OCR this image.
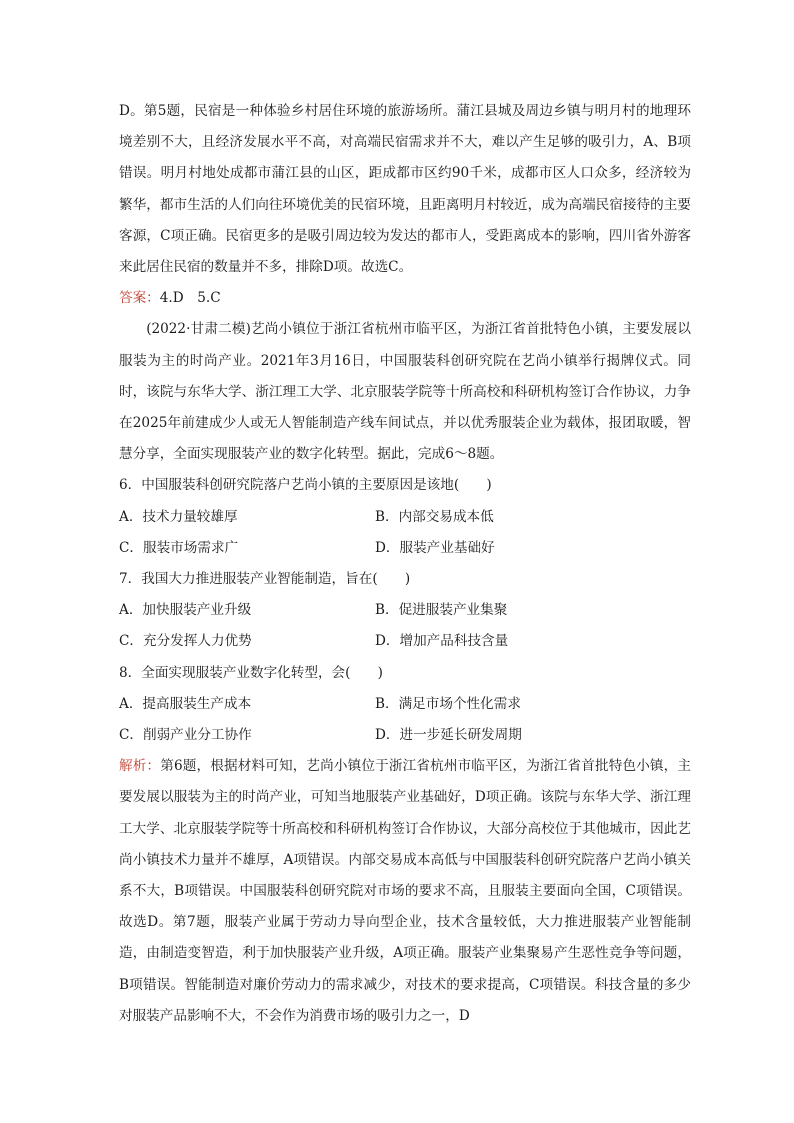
D。第5题，民宿是一种体验乡村居住环境的旅游场所。蒲江县城及周边乡镇与明月村的地理环境差别不大，且经济发展水平不高，对高端民宿需求并不大，难以产生足够的吸引力，A、B项错误。明月村地处成都市蒲江县的山区，距成都市区约90千米，成都市区人口众多，经济较为繁华，都市生活的人们向往环境优美的民宿环境，且距离明月村较近，成为高端民宿接待的主要客源，C项正确。民宿更多的是吸引周边较为发达的都市人，受距离成本的影响，四川省外游客来此居住民宿的数量并不多，排除D项。故选C。

答案：4.D　5.C

(2022·甘肃二模)艺尚小镇位于浙江省杭州市临平区，为浙江省首批特色小镇，主要发展以服装为主的时尚产业。2021年3月16日，中国服装科创研究院在艺尚小镇举行揭牌仪式。同时，该院与东华大学、浙江理工大学、北京服装学院等十所高校和科研机构签订合作协议，力争在2025年前建成少人或无人智能制造产线车间试点，并以优秀服装企业为载体，报团取暖，智慧分享，全面实现服装产业的数字化转型。据此，完成6～8题。

6．中国服装科创研究院落户艺尚小镇的主要原因是该地(　　)

A．技术力量较雄厚	B．内部交易成本低
C．服装市场需求广	D．服装产业基础好

7．我国大力推进服装产业智能制造，旨在(　　)

A．加快服装产业升级	B．促进服装产业集聚
C．充分发挥人力优势	D．增加产品科技含量

8．全面实现服装产业数字化转型，会(　　)

A．提高服装生产成本	B．满足市场个性化需求
C．削弱产业分工协作	D．进一步延长研发周期

解析：第6题，根据材料可知，艺尚小镇位于浙江省杭州市临平区，为浙江省首批特色小镇，主要发展以服装为主的时尚产业，可知当地服装产业基础好，D项正确。该院与东华大学、浙江理工大学、北京服装学院等十所高校和科研机构签订合作协议，大部分高校位于其他城市，因此艺尚小镇技术力量并不雄厚，A项错误。内部交易成本高低与中国服装科创研究院落户艺尚小镇关系不大，B项错误。中国服装科创研究院对市场的要求不高，且服装主要面向全国，C项错误。故选D。第7题，服装产业属于劳动力导向型企业，技术含量较低，大力推进服装产业智能制造，由制造变智造，利于加快服装产业升级，A项正确。服装产业集聚易产生恶性竞争等问题，B项错误。智能制造对廉价劳动力的需求减少，对技术的要求提高，C项错误。科技含量的多少对服装产品影响不大，不会作为消费市场的吸引力之一，D
